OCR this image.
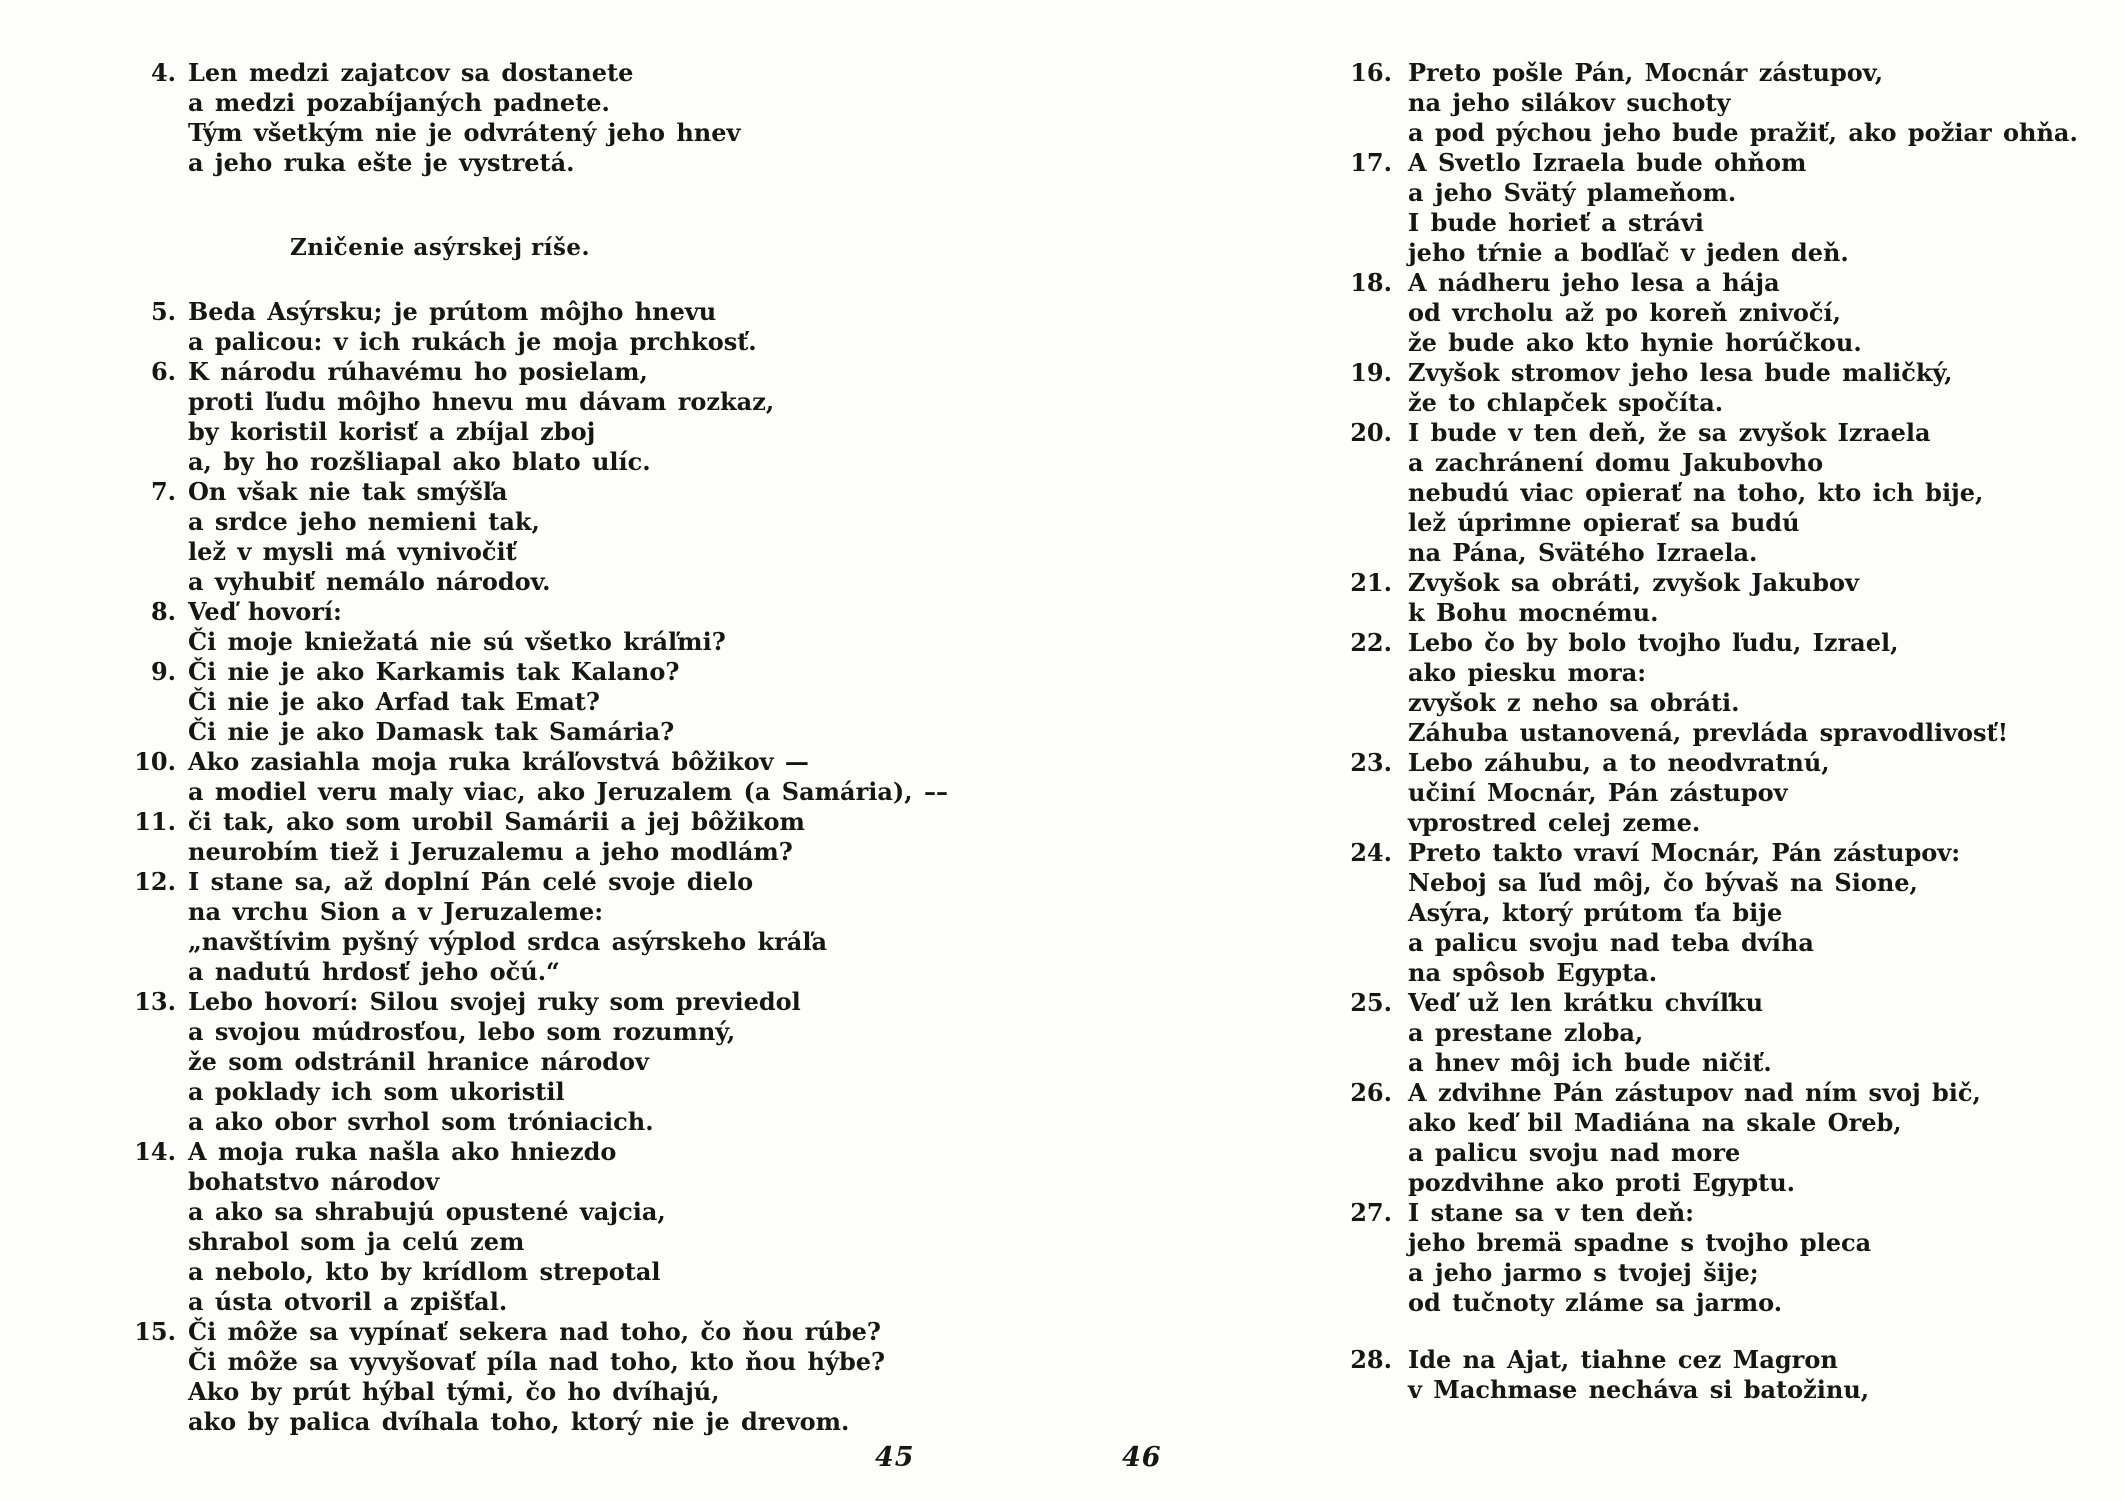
4. Len medzi zajatcov sa dostanete
a medzi pozabíjaných padnete.
Tým všetkým nie je odvrátený jeho hnev
a jeho ruka ešte je vystretá.
Zničenie asýrskej ríše.
5. Beda Asýrsku; je prútom môjho hnevu
a palicou: v ich rukách je moja prchkosť.
6. K národu rúhavému ho posielam,
proti ľudu môjho hnevu mu dávam rozkaz,
by koristil korisť a zbíjal zboj
a, by ho rozšliapal ako blato ulíc.
7. On však nie tak smýšľa
a srdce jeho nemieni tak,
lež v mysli má vynivočiť
a vyhubiť nemálo národov.
8. Veď hovorí:
Či moje kniežatá nie sú všetko kráľmi?
9. Či nie je ako Karkamis tak Kalano?
Či nie je ako Arfad tak Emat?
Či nie je ako Damask tak Samária?
10. Ako zasiahla moja ruka kráľovstvá bôžikov —
a modiel veru maly viac, ako Jeruzalem (a Samária), ––
11. či tak, ako som urobil Samárii a jej bôžikom
neurobím tiež i Jeruzalemu a jeho modlám?
12. I stane sa, až doplní Pán celé svoje dielo
na vrchu Sion a v Jeruzaleme:
„navštívim pyšný výplod srdca asýrskeho kráľa
a nadutú hrdosť jeho očú.“
13. Lebo hovorí: Silou svojej ruky som previedol
a svojou múdrosťou, lebo som rozumný,
že som odstránil hranice národov
a poklady ich som ukoristil
a ako obor svrhol som tróniacich.
14. A moja ruka našla ako hniezdo
bohatstvo národov
a ako sa shrabujú opustené vajcia,
shrabol som ja celú zem
a nebolo, kto by krídlom strepotal
a ústa otvoril a zpišťal.
15. Či môže sa vypínať sekera nad toho, čo ňou rúbe?
Či môže sa vyvyšovať píla nad toho, kto ňou hýbe?
Ako by prút hýbal tými, čo ho dvíhajú,
ako by palica dvíhala toho, ktorý nie je drevom.
16. Preto pošle Pán, Mocnár zástupov,
na jeho silákov suchoty
a pod pýchou jeho bude pražiť, ako požiar ohňa.
17. A Svetlo Izraela bude ohňom
a jeho Svätý plameňom.
I bude horieť a strávi
jeho tŕnie a bodľač v jeden deň.
18. A nádheru jeho lesa a hája
od vrcholu až po koreň znivočí,
že bude ako kto hynie horúčkou.
19. Zvyšok stromov jeho lesa bude maličký,
že to chlapček spočíta.
20. I bude v ten deň, že sa zvyšok Izraela
a zachránení domu Jakubovho
nebudú viac opierať na toho, kto ich bije,
lež úprimne opierať sa budú
na Pána, Svätého Izraela.
21. Zvyšok sa obráti, zvyšok Jakubov
k Bohu mocnému.
22. Lebo čo by bolo tvojho ľudu, Izrael,
ako piesku mora:
zvyšok z neho sa obráti.
Záhuba ustanovená, prevláda spravodlivosť!
23. Lebo záhubu, a to neodvratnú,
učiní Mocnár, Pán zástupov
vprostred celej zeme.
24. Preto takto vraví Mocnár, Pán zástupov:
Neboj sa ľud môj, čo bývaš na Sione,
Asýra, ktorý prútom ťa bije
a palicu svoju nad teba dvíha
na spôsob Egypta.
25. Veď už len krátku chvíľku
a prestane zloba,
a hnev môj ich bude ničiť.
26. A zdvihne Pán zástupov nad ním svoj bič,
ako keď bil Madiána na skale Oreb,
a palicu svoju nad more
pozdvihne ako proti Egyptu.
27. I stane sa v ten deň:
jeho bremä spadne s tvojho pleca
a jeho jarmo s tvojej šije;
od tučnoty zláme sa jarmo.
28. Ide na Ajat, tiahne cez Magron
v Machmase necháva si batožinu,
45	46
